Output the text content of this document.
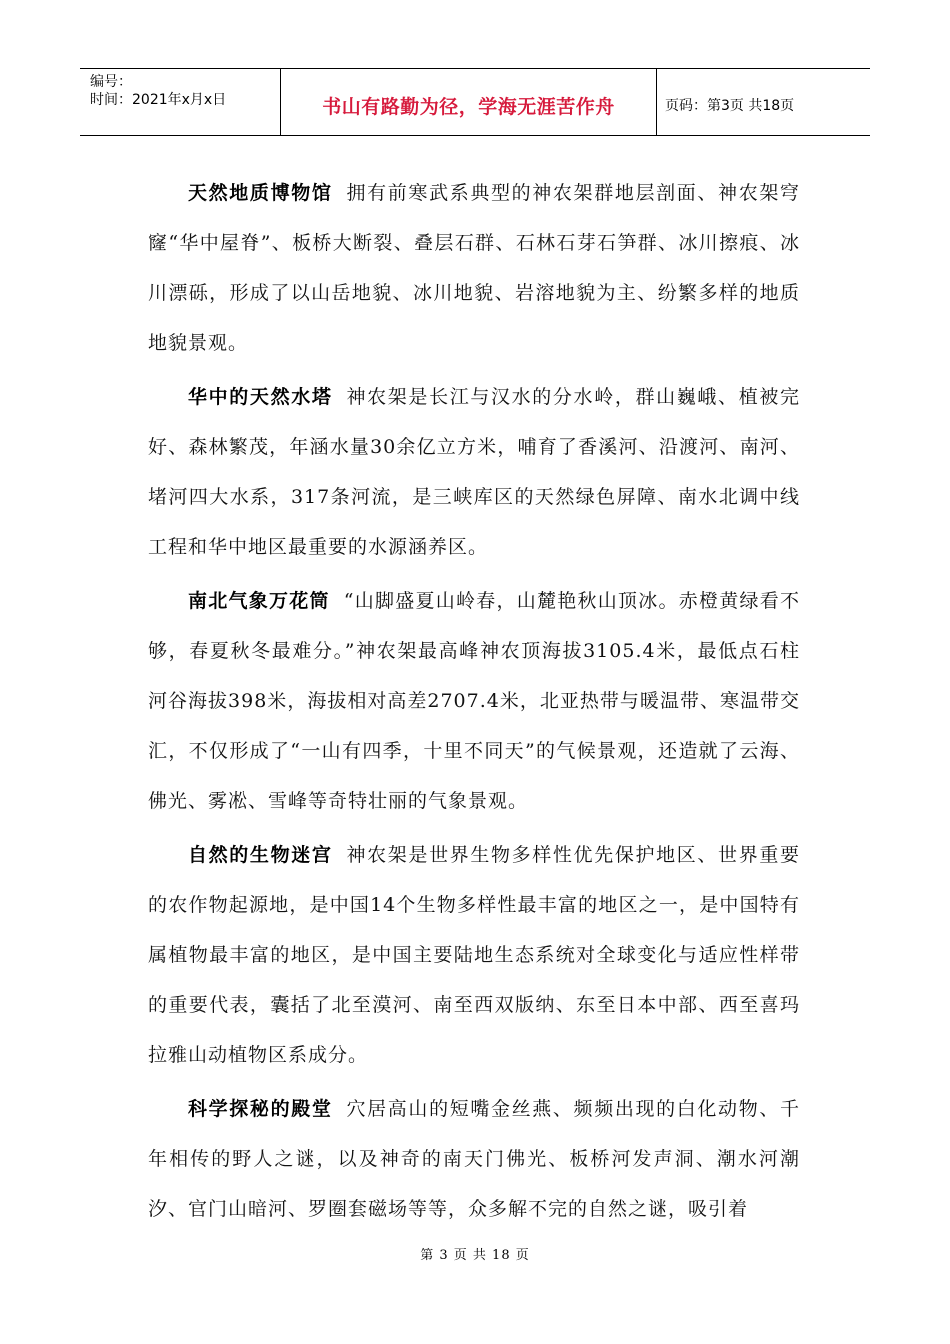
编号：
时间：2021年x月x日	书山有路勤为径，学海无涯苦作舟	页码：第3页 共18页

天然地质博物馆 拥有前寒武系典型的神农架群地层剖面、神农架穹窿“华中屋脊”、板桥大断裂、叠层石群、石林石芽石笋群、冰川擦痕、冰川漂砾，形成了以山岳地貌、冰川地貌、岩溶地貌为主、纷繁多样的地质地貌景观。

华中的天然水塔 神农架是长江与汉水的分水岭，群山巍峨、植被完好、森林繁茂，年涵水量30余亿立方米，哺育了香溪河、沿渡河、南河、堵河四大水系，317条河流，是三峡库区的天然绿色屏障、南水北调中线工程和华中地区最重要的水源涵养区。

南北气象万花筒 “山脚盛夏山岭春，山麓艳秋山顶冰。赤橙黄绿看不够，春夏秋冬最难分。”神农架最高峰神农顶海拔3105.4米，最低点石柱河谷海拔398米，海拔相对高差2707.4米，北亚热带与暖温带、寒温带交汇，不仅形成了“一山有四季，十里不同天”的气候景观，还造就了云海、佛光、雾凇、雪峰等奇特壮丽的气象景观。

自然的生物迷宫 神农架是世界生物多样性优先保护地区、世界重要的农作物起源地，是中国14个生物多样性最丰富的地区之一，是中国特有属植物最丰富的地区，是中国主要陆地生态系统对全球变化与适应性样带的重要代表，囊括了北至漠河、南至西双版纳、东至日本中部、西至喜玛拉雅山动植物区系成分。

科学探秘的殿堂 穴居高山的短嘴金丝燕、频频出现的白化动物、千年相传的野人之谜，以及神奇的南天门佛光、板桥河发声洞、潮水河潮汐、官门山暗河、罗圈套磁场等等，众多解不完的自然之谜，吸引着

第 3 页 共 18 页
